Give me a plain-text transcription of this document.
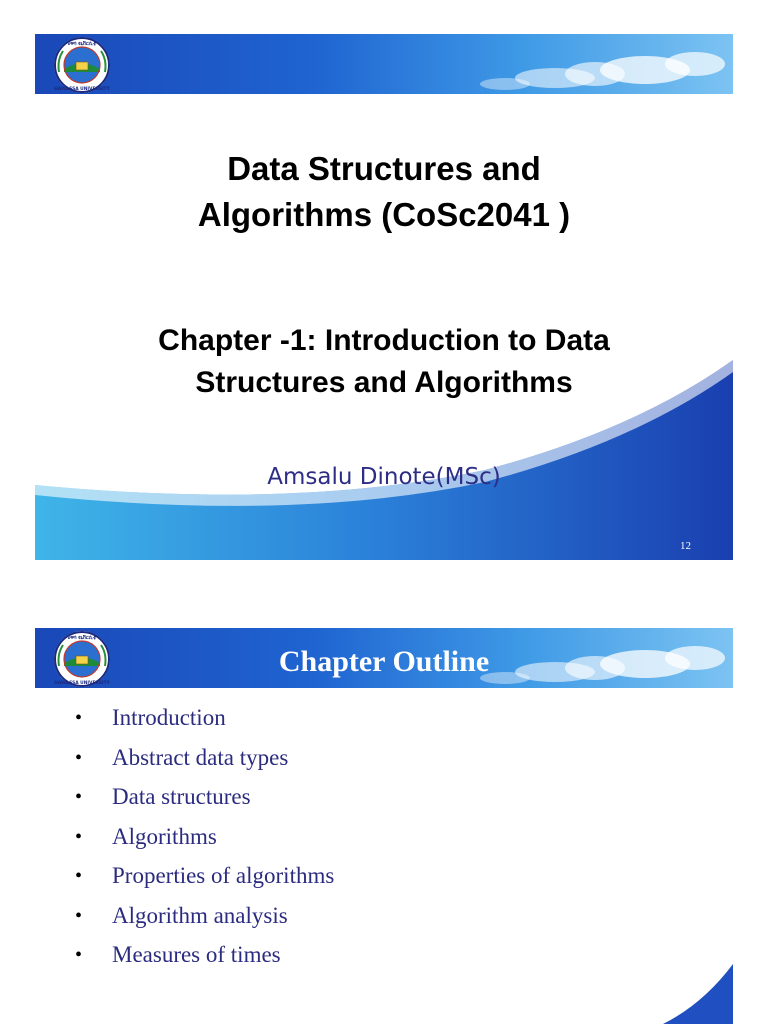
ሀዋሳ ዩኒቨርሲቲ
HAWASSA UNIVERSITY
Data Structures and
Algorithms (CoSc2041 )
Chapter -1: Introduction to Data
Structures and Algorithms
Amsalu Dinote(MSc)
12
ሀዋሳ ዩኒቨርሲቲ
HAWASSA UNIVERSITY
Chapter Outline
• Introduction
• Abstract data types
• Data structures
• Algorithms
• Properties of algorithms
• Algorithm analysis
• Measures of times
